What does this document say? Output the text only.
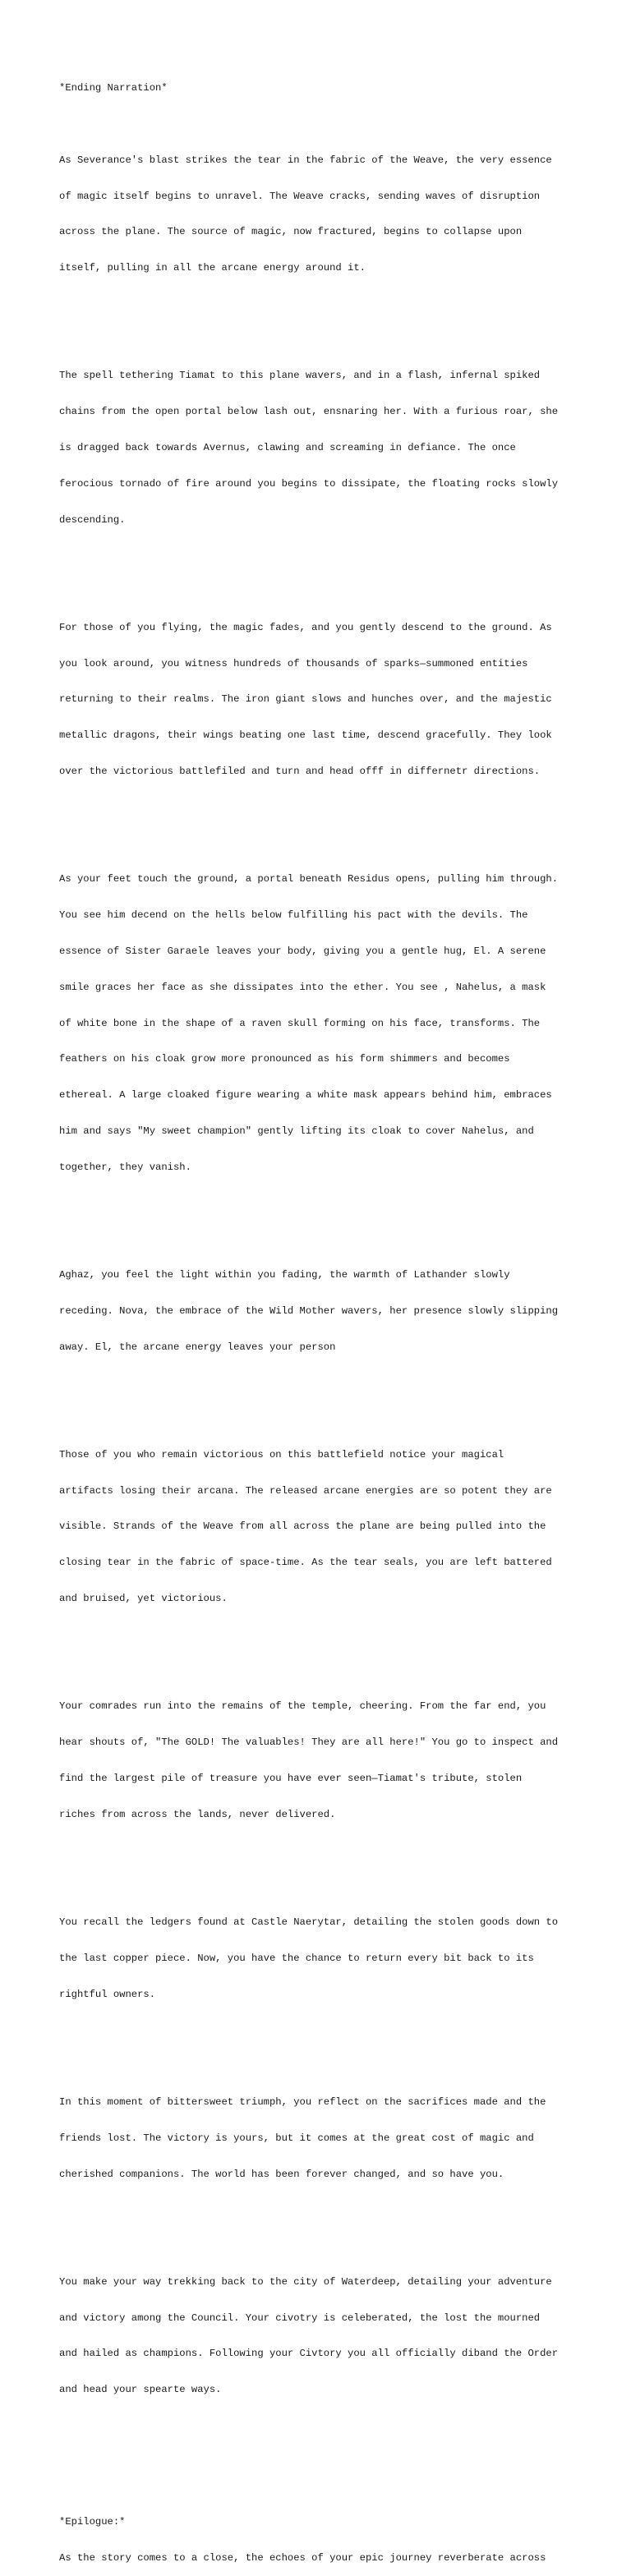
*Ending Narration*

As Severance's blast strikes the tear in the fabric of the Weave, the very essence

of magic itself begins to unravel. The Weave cracks, sending waves of disruption

across the plane. The source of magic, now fractured, begins to collapse upon

itself, pulling in all the arcane energy around it.

The spell tethering Tiamat to this plane wavers, and in a flash, infernal spiked

chains from the open portal below lash out, ensnaring her. With a furious roar, she

is dragged back towards Avernus, clawing and screaming in defiance. The once

ferocious tornado of fire around you begins to dissipate, the floating rocks slowly

descending.

For those of you flying, the magic fades, and you gently descend to the ground. As

you look around, you witness hundreds of thousands of sparks—summoned entities

returning to their realms. The iron giant slows and hunches over, and the majestic

metallic dragons, their wings beating one last time, descend gracefully. They look

over the victorious battlefiled and turn and head offf in differnetr directions.

As your feet touch the ground, a portal beneath Residus opens, pulling him through.

You see him decend on the hells below fulfilling his pact with the devils. The

essence of Sister Garaele leaves your body, giving you a gentle hug, El. A serene

smile graces her face as she dissipates into the ether. You see , Nahelus, a mask

of white bone in the shape of a raven skull forming on his face, transforms. The

feathers on his cloak grow more pronounced as his form shimmers and becomes

ethereal. A large cloaked figure wearing a white mask appears behind him, embraces

him and says "My sweet champion" gently lifting its cloak to cover Nahelus, and

together, they vanish.

Aghaz, you feel the light within you fading, the warmth of Lathander slowly

receding. Nova, the embrace of the Wild Mother wavers, her presence slowly slipping

away. El, the arcane energy leaves your person

Those of you who remain victorious on this battlefield notice your magical

artifacts losing their arcana. The released arcane energies are so potent they are

visible. Strands of the Weave from all across the plane are being pulled into the

closing tear in the fabric of space-time. As the tear seals, you are left battered

and bruised, yet victorious.

Your comrades run into the remains of the temple, cheering. From the far end, you

hear shouts of, "The GOLD! The valuables! They are all here!" You go to inspect and

find the largest pile of treasure you have ever seen—Tiamat's tribute, stolen

riches from across the lands, never delivered.

You recall the ledgers found at Castle Naerytar, detailing the stolen goods down to

the last copper piece. Now, you have the chance to return every bit back to its

rightful owners.

In this moment of bittersweet triumph, you reflect on the sacrifices made and the

friends lost. The victory is yours, but it comes at the great cost of magic and

cherished companions. The world has been forever changed, and so have you.

You make your way trekking back to the city of Waterdeep, detailing your adventure

and victory among the Council. Your civotry is celeberated, the lost the mourned

and hailed as champions. Following your Civtory you all officially diband the Order

and head your spearte ways.

*Epilogue:*

As the story comes to a close, the echoes of your epic journey reverberate across
